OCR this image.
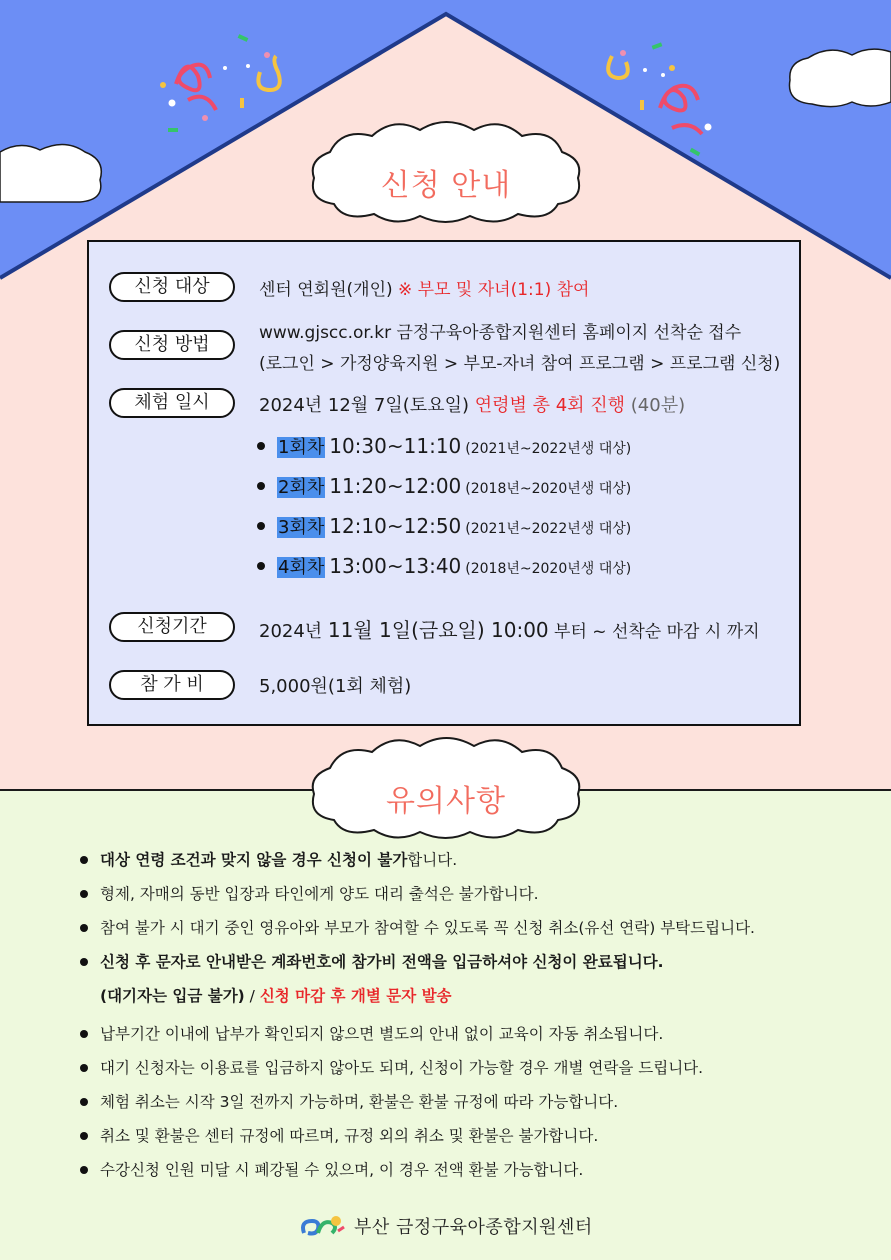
신청 안내
신청 대상	센터 연회원(개인) ※ 부모 및 자녀(1:1) 참여
신청 방법
www.gjscc.or.kr 금정구육아종합지원센터 홈페이지 선착순 접수
(로그인 > 가정양육지원 > 부모-자녀 참여 프로그램 > 프로그램 신청)
체험 일시	2024년 12월 7일(토요일) 연령별 총 4회 진행 (40분)
1회차 10:30~11:10 (2021년~2022년생 대상)
2회차 11:20~12:00 (2018년~2020년생 대상)
3회차 12:10~12:50 (2021년~2022년생 대상)
4회차 13:00~13:40 (2018년~2020년생 대상)
신청기간	2024년 11월 1일(금요일) 10:00 부터 ~ 선착순 마감 시 까지
참 가 비	5,000원(1회 체험)
유의사항
대상 연령 조건과 맞지 않을 경우 신청이 불가합니다.
형제, 자매의 동반 입장과 타인에게 양도 대리 출석은 불가합니다.
참여 불가 시 대기 중인 영유아와 부모가 참여할 수 있도록 꼭 신청 취소(유선 연락) 부탁드립니다.
신청 후 문자로 안내받은 계좌번호에 참가비 전액을 입금하셔야 신청이 완료됩니다.
(대기자는 입금 불가) / 신청 마감 후 개별 문자 발송
납부기간 이내에 납부가 확인되지 않으면 별도의 안내 없이 교육이 자동 취소됩니다.
대기 신청자는 이용료를 입금하지 않아도 되며, 신청이 가능할 경우 개별 연락을 드립니다.
체험 취소는 시작 3일 전까지 가능하며, 환불은 환불 규정에 따라 가능합니다.
취소 및 환불은 센터 규정에 따르며, 규정 외의 취소 및 환불은 불가합니다.
수강신청 인원 미달 시 폐강될 수 있으며, 이 경우 전액 환불 가능합니다.
부산 금정구육아종합지원센터
